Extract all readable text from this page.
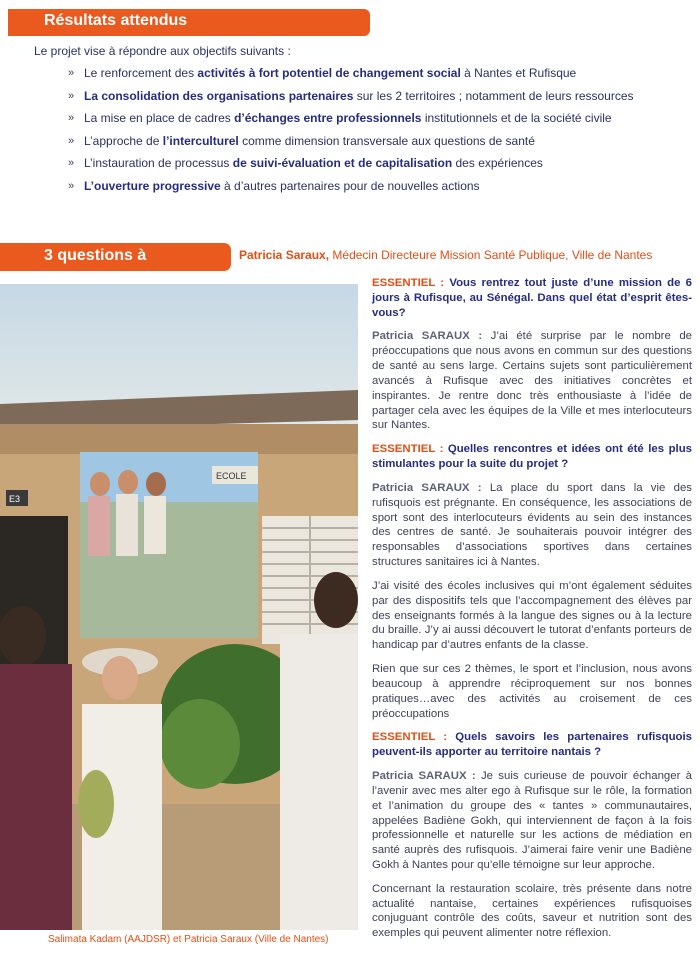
Résultats attendus
Le projet vise à répondre aux objectifs suivants :
» Le renforcement des activités à fort potentiel de changement social à Nantes et Rufisque
» La consolidation des organisations partenaires sur les 2 territoires ; notamment de leurs ressources
» La mise en place de cadres d’échanges entre professionnels institutionnels et de la société civile
» L’approche de l’interculturel comme dimension transversale aux questions de santé
» L’instauration de processus de suivi-évaluation et de capitalisation des expériences
» L’ouverture progressive à d’autres partenaires pour de nouvelles actions
3 questions à	Patricia Saraux, Médecin Directeure Mission Santé Publique, Ville de Nantes
E3
ECOLE
Salimata Kadam (AAJDSR) et Patricia Saraux (Ville de Nantes)

ESSENTIEL : Vous rentrez tout juste d’une mission de 6 jours à Rufisque, au Sénégal. Dans quel état d’esprit êtes-vous?

Patricia SARAUX : J’ai été surprise par le nombre de préoccupations que nous avons en commun sur des questions de santé au sens large. Certains sujets sont particulièrement avancés à Rufisque avec des initiatives concrètes et inspirantes. Je rentre donc très enthousiaste à l’idée de partager cela avec les équipes de la Ville et mes interlocuteurs sur Nantes.

ESSENTIEL : Quelles rencontres et idées ont été les plus stimulantes pour la suite du projet ?

Patricia SARAUX : La place du sport dans la vie des rufisquois est prégnante. En conséquence, les associations de sport sont des interlocuteurs évidents au sein des instances des centres de santé. Je souhaiterais pouvoir intégrer des responsables d’associations sportives dans certaines structures sanitaires ici à Nantes.

J’ai visité des écoles inclusives qui m’ont également séduites par des dispositifs tels que l’accompagnement des élèves par des enseignants formés à la langue des signes ou à la lecture du braille. J’y ai aussi découvert le tutorat d’enfants porteurs de handicap par d’autres enfants de la classe.

Rien que sur ces 2 thèmes, le sport et l’inclusion, nous avons beaucoup à apprendre réciproquement sur nos bonnes pratiques…avec des activités au croisement de ces préoccupations

ESSENTIEL : Quels savoirs les partenaires rufisquois peuvent-ils apporter au territoire nantais ?

Patricia SARAUX : Je suis curieuse de pouvoir échanger à l’avenir avec mes alter ego à Rufisque sur le rôle, la formation et l’animation du groupe des « tantes » communautaires, appelées Badiène Gokh, qui interviennent de façon à la fois professionnelle et naturelle sur les actions de médiation en santé auprès des rufisquois. J’aimerai faire venir une Badiène Gokh à Nantes pour qu’elle témoigne sur leur approche.

Concernant la restauration scolaire, très présente dans notre actualité nantaise, certaines expériences rufisquoises conjuguant contrôle des coûts, saveur et nutrition sont des exemples qui peuvent alimenter notre réflexion.
